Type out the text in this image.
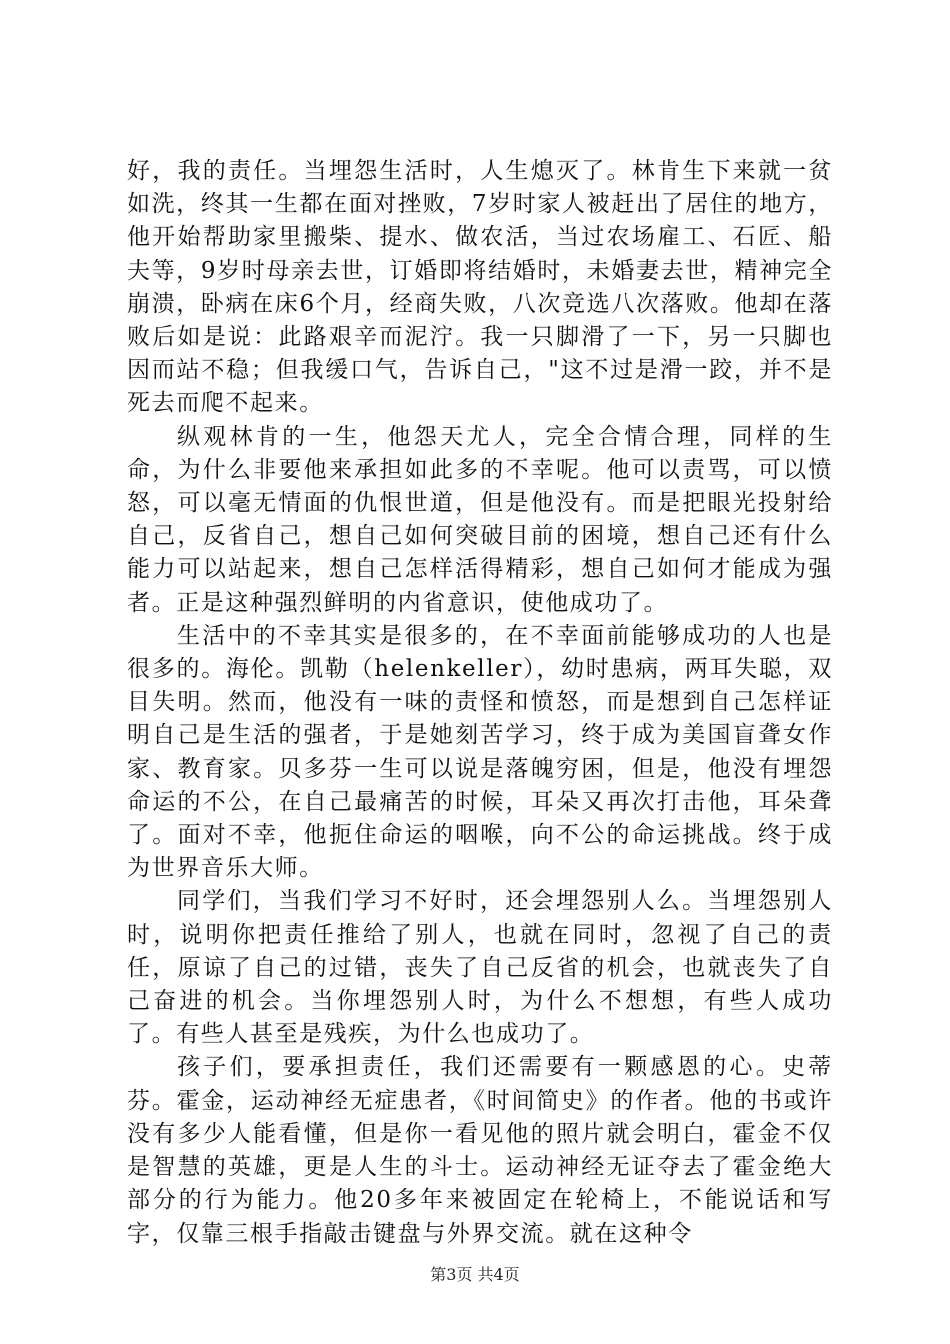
好，我的责任。当埋怨生活时，人生熄灭了。林肯生下来就一贫如洗，终其一生都在面对挫败，7岁时家人被赶出了居住的地方，他开始帮助家里搬柴、提水、做农活，当过农场雇工、石匠、船夫等，9岁时母亲去世，订婚即将结婚时，未婚妻去世，精神完全崩溃，卧病在床6个月，经商失败，八次竞选八次落败。他却在落败后如是说：此路艰辛而泥泞。我一只脚滑了一下，另一只脚也因而站不稳；但我缓口气，告诉自己，"这不过是滑一跤，并不是死去而爬不起来。

纵观林肯的一生，他怨天尤人，完全合情合理，同样的生命，为什么非要他来承担如此多的不幸呢。他可以责骂，可以愤怒，可以毫无情面的仇恨世道，但是他没有。而是把眼光投射给自己，反省自己，想自己如何突破目前的困境，想自己还有什么能力可以站起来，想自己怎样活得精彩，想自己如何才能成为强者。正是这种强烈鲜明的内省意识，使他成功了。

生活中的不幸其实是很多的，在不幸面前能够成功的人也是很多的。海伦。凯勒（helenkeller），幼时患病，两耳失聪，双目失明。然而，他没有一味的责怪和愤怒，而是想到自己怎样证明自己是生活的强者，于是她刻苦学习，终于成为美国盲聋女作家、教育家。贝多芬一生可以说是落魄穷困，但是，他没有埋怨命运的不公，在自己最痛苦的时候，耳朵又再次打击他，耳朵聋了。面对不幸，他扼住命运的咽喉，向不公的命运挑战。终于成为世界音乐大师。

同学们，当我们学习不好时，还会埋怨别人么。当埋怨别人时，说明你把责任推给了别人，也就在同时，忽视了自己的责任，原谅了自己的过错，丧失了自己反省的机会，也就丧失了自己奋进的机会。当你埋怨别人时，为什么不想想，有些人成功了。有些人甚至是残疾，为什么也成功了。

孩子们，要承担责任，我们还需要有一颗感恩的心。史蒂芬。霍金，运动神经无症患者，《时间简史》的作者。他的书或许没有多少人能看懂，但是你一看见他的照片就会明白，霍金不仅是智慧的英雄，更是人生的斗士。运动神经无证夺去了霍金绝大部分的行为能力。他20多年来被固定在轮椅上，不能说话和写字，仅靠三根手指敲击键盘与外界交流。就在这种令

第3页 共4页
